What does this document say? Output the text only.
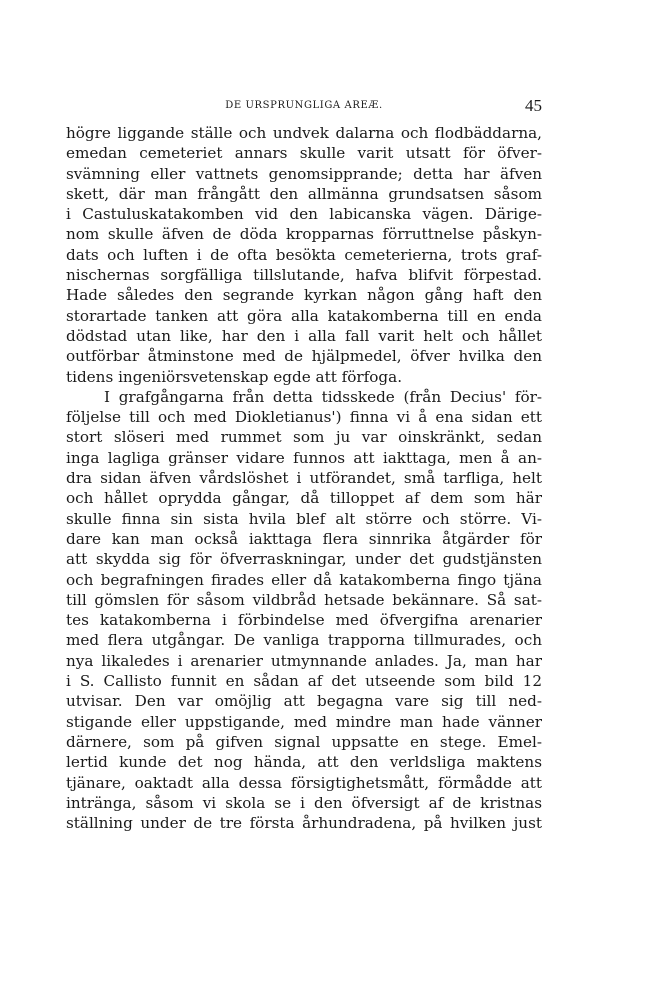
DE URSPRUNGLIGA AREÆ.	45
högre liggande ställe och undvek dalarna och flodbäddarna,
emedan cemeteriet annars skulle varit utsatt för öfver-
svämning eller vattnets genomsipprande; detta har äfven
skett, där man frångått den allmänna grundsatsen såsom
i Castuluskatakomben vid den labicanska vägen. Därige-
nom skulle äfven de döda kropparnas förruttnelse påskyn-
dats och luften i de ofta besökta cemeterierna, trots graf-
nischernas sorgfälliga tillslutande, hafva blifvit förpestad.
Hade således den segrande kyrkan någon gång haft den
storartade tanken att göra alla katakomberna till en enda
dödstad utan like, har den i alla fall varit helt och hållet
outförbar åtminstone med de hjälpmedel, öfver hvilka den
tidens ingeniörsvetenskap egde att förfoga.
I grafgångarna från detta tidsskede (från Decius' för-
följelse till och med Diokletianus') finna vi å ena sidan ett
stort slöseri med rummet som ju var oinskränkt, sedan
inga lagliga gränser vidare funnos att iakttaga, men å an-
dra sidan äfven vårdslöshet i utförandet, små tarfliga, helt
och hållet oprydda gångar, då tilloppet af dem som här
skulle finna sin sista hvila blef alt större och större. Vi-
dare kan man också iakttaga flera sinnrika åtgärder för
att skydda sig för öfverraskningar, under det gudstjänsten
och begrafningen firades eller då katakomberna fingo tjäna
till gömslen för såsom vildbråd hetsade bekännare. Så sat-
tes katakomberna i förbindelse med öfvergifna arenarier
med flera utgångar. De vanliga trapporna tillmurades, och
nya likaledes i arenarier utmynnande anlades. Ja, man har
i S. Callisto funnit en sådan af det utseende som bild 12
utvisar. Den var omöjlig att begagna vare sig till ned-
stigande eller uppstigande, med mindre man hade vänner
därnere, som på gifven signal uppsatte en stege. Emel-
lertid kunde det nog hända, att den verldsliga maktens
tjänare, oaktadt alla dessa försigtighetsmått, förmådde att
intränga, såsom vi skola se i den öfversigt af de kristnas
ställning under de tre första århundradena, på hvilken just
